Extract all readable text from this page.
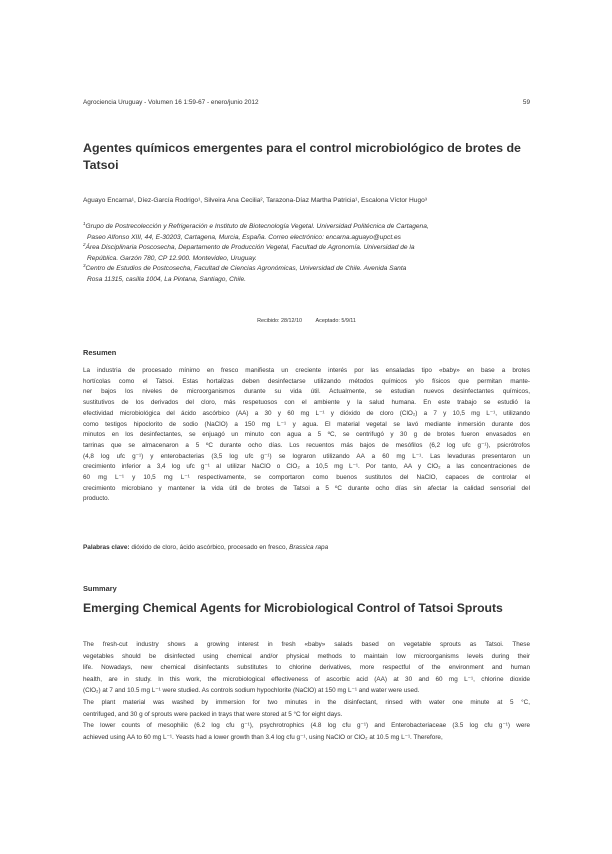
Agrociencia Uruguay - Volumen 16 1:59-67 - enero/junio 2012	59
Agentes químicos emergentes para el control microbiológico de brotes de Tatsoi
Aguayo Encarna¹, Díez-García Rodrigo¹, Silveira Ana Cecilia², Tarazona-Díaz Martha Patricia¹, Escalona Víctor Hugo³

$^1$Grupo de Postrecolección y Refrigeración e Instituto de Biotecnología Vegetal. Universidad Politécnica de Cartagena,

Paseo Alfonso XIII, 44, E-30203, Cartagena, Murcia, España. Correo electrónico: encarna.aguayo@upct.es

$^2$Área Disciplinaria Poscosecha, Departamento de Producción Vegetal, Facultad de Agronomía. Universidad de la

República. Garzón 780, CP 12.900. Montevideo, Uruguay.

$^3$Centro de Estudios de Postcosecha, Facultad de Ciencias Agronómicas, Universidad de Chile. Avenida Santa

Rosa 11315, casilla 1004, La Pintana, Santiago, Chile.

Recibido: 28/12/10	Aceptado: 5/9/11
Resumen
La industria de procesado mínimo en fresco manifiesta un creciente interés por las ensaladas tipo «baby» en base a brotes
hortícolas como el Tatsoi. Estas hortalizas deben desinfectarse utilizando métodos químicos y/o físicos que permitan mante-
ner bajos los niveles de microorganismos durante su vida útil. Actualmente, se estudian nuevos desinfectantes químicos,
sustitutivos de los derivados del cloro, más respetuosos con el ambiente y la salud humana. En este trabajo se estudió la
efectividad microbiológica del ácido ascórbico (AA) a 30 y 60 mg L⁻¹ y dióxido de cloro (ClO₂) a 7 y 10,5 mg L⁻¹, utilizando
como testigos hipoclorito de sodio (NaClO) a 150 mg L⁻¹ y agua. El material vegetal se lavó mediante inmersión durante dos
minutos en los desinfectantes, se enjuagó un minuto con agua a 5 ºC, se centrifugó y 30 g de brotes fueron envasados en
tarrinas que se almacenaron a 5 ºC durante ocho días. Los recuentos más bajos de mesófilos (6,2 log ufc g⁻¹), psicrótrofos
(4,8 log ufc g⁻¹) y enterobacterias (3,5 log ufc g⁻¹) se lograron utilizando AA a 60 mg L⁻¹. Las levaduras presentaron un
crecimiento inferior a 3,4 log ufc g⁻¹ al utilizar NaClO o ClO₂ a 10,5 mg L⁻¹. Por tanto, AA y ClO₂ a las concentraciones de
60 mg L⁻¹ y 10,5 mg L⁻¹ respectivamente, se comportaron como buenos sustitutos del NaClO, capaces de controlar el
crecimiento microbiano y mantener la vida útil de brotes de Tatsoi a 5 ºC durante ocho días sin afectar la calidad sensorial del
producto.
Palabras clave: dióxido de cloro, ácido ascórbico, procesado en fresco, Brassica rapa
Summary
Emerging Chemical Agents for Microbiological Control of Tatsoi Sprouts
The fresh-cut industry shows a growing interest in fresh «baby» salads based on vegetable sprouts as Tatsoi. These
vegetables should be disinfected using chemical and/or physical methods to maintain low microorganisms levels during their
life. Nowadays, new chemical disinfectants substitutes to chlorine derivatives, more respectful of the environment and human
health, are in study. In this work, the microbiological effectiveness of ascorbic acid (AA) at 30 and 60 mg L⁻¹, chlorine dioxide
(ClO₂) at 7 and 10.5 mg L⁻¹ were studied. As controls sodium hypochlorite (NaClO) at 150 mg L⁻¹ and water were used.
The plant material was washed by immersion for two minutes in the disinfectant, rinsed with water one minute at 5 °C,
centrifuged, and 30 g of sprouts were packed in trays that were stored at 5 °C for eight days.
The lower counts of mesophilic (6.2 log cfu g⁻¹), psychrotrophics (4.8 log cfu g⁻¹) and Enterobacteriaceae (3.5 log cfu g⁻¹) were
achieved using AA to 60 mg L⁻¹. Yeasts had a lower growth than 3.4 log cfu g⁻¹, using NaClO or ClO₂ at 10.5 mg L⁻¹. Therefore,
